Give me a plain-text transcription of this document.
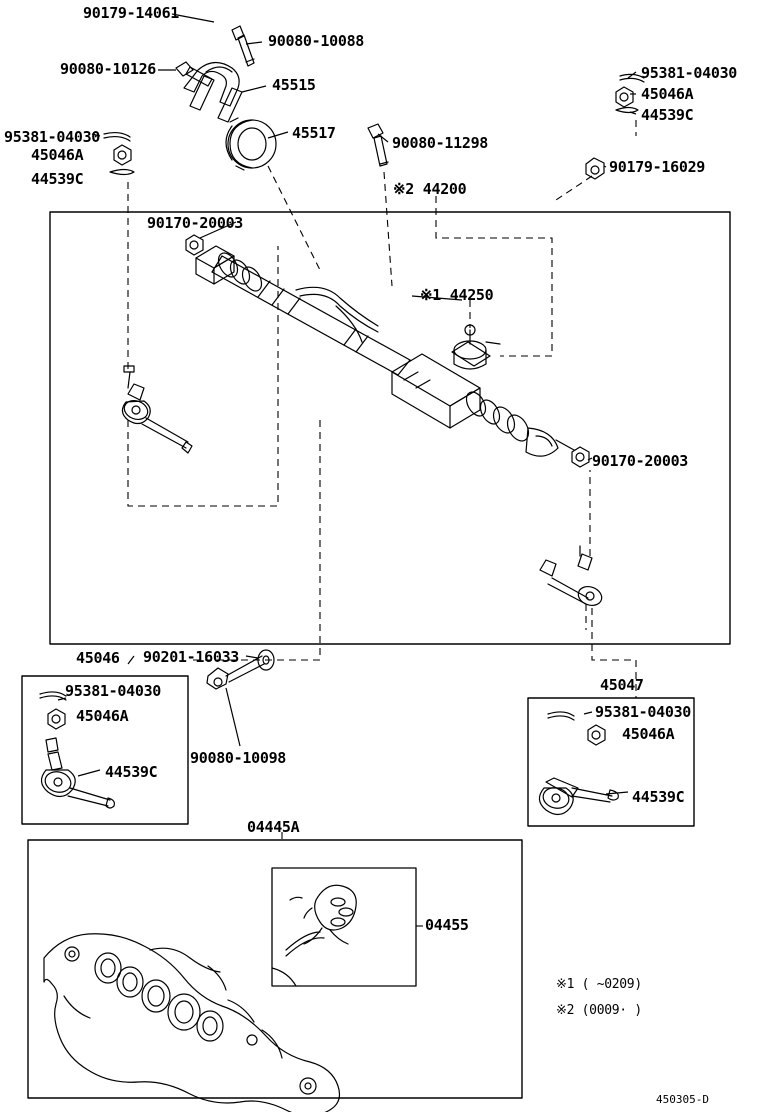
90179-14061
90080-10088
90080-10126
45515
95381-04030
45046A
44539C
45517
90080-11298
95381-04030
45046A
44539C
90179-16029
※2 44200
90170-20003
※1 44250
90170-20003
45046 90201-16033
95381-04030
45046A
44539C
90080-10098
45047
95381-04030
45046A
44539C
04445A
04455
※1 ( ~0209)
※2 (0009· )
450305-D
